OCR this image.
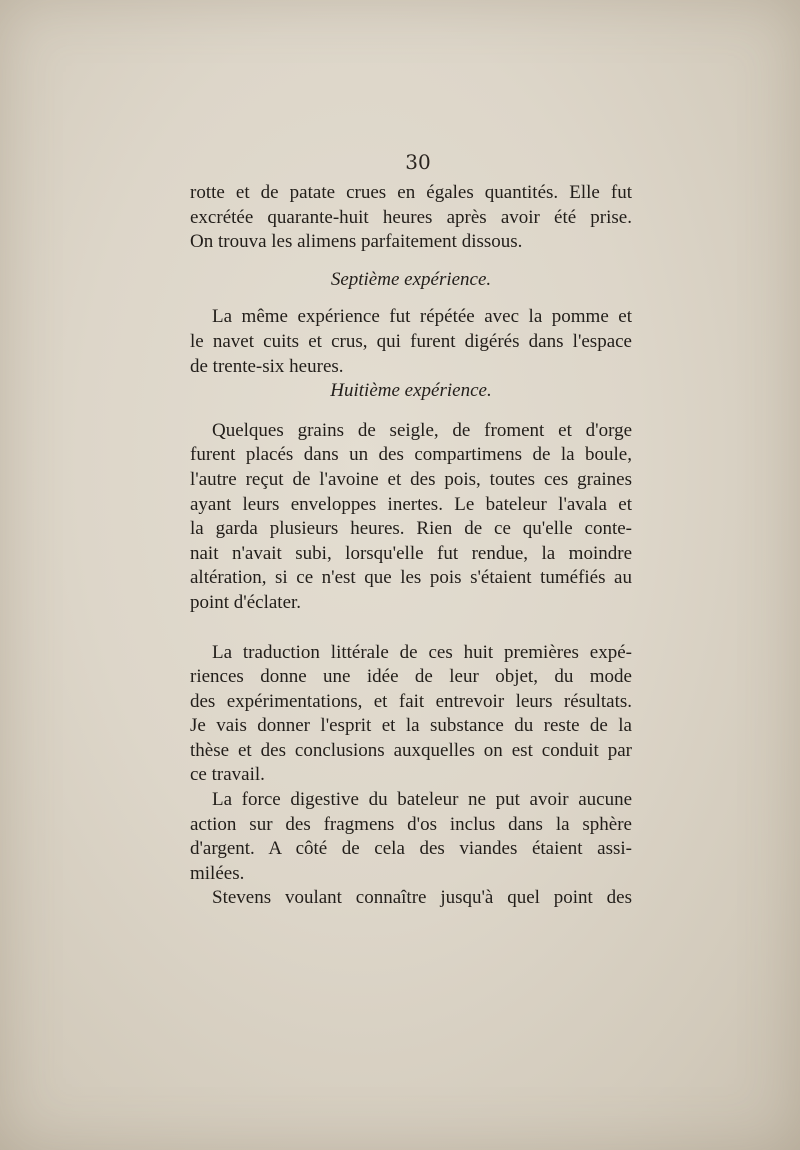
30
rotte et de patate crues en égales quantités. Elle fut
excrétée quarante-huit heures après avoir été prise.
On trouva les alimens parfaitement dissous.
Septième expérience.
La même expérience fut répétée avec la pomme et
le navet cuits et crus, qui furent digérés dans l'espace
de trente-six heures.
Huitième expérience.
Quelques grains de seigle, de froment et d'orge
furent placés dans un des compartimens de la boule,
l'autre reçut de l'avoine et des pois, toutes ces graines
ayant leurs enveloppes inertes. Le bateleur l'avala et
la garda plusieurs heures. Rien de ce qu'elle conte-
nait n'avait subi, lorsqu'elle fut rendue, la moindre
altération, si ce n'est que les pois s'étaient tuméfiés au
point d'éclater.
La traduction littérale de ces huit premières expé-
riences donne une idée de leur objet, du mode
des expérimentations, et fait entrevoir leurs résultats.
Je vais donner l'esprit et la substance du reste de la
thèse et des conclusions auxquelles on est conduit par
ce travail.
La force digestive du bateleur ne put avoir aucune
action sur des fragmens d'os inclus dans la sphère
d'argent. A côté de cela des viandes étaient assi-
milées.
Stevens voulant connaître jusqu'à quel point des
